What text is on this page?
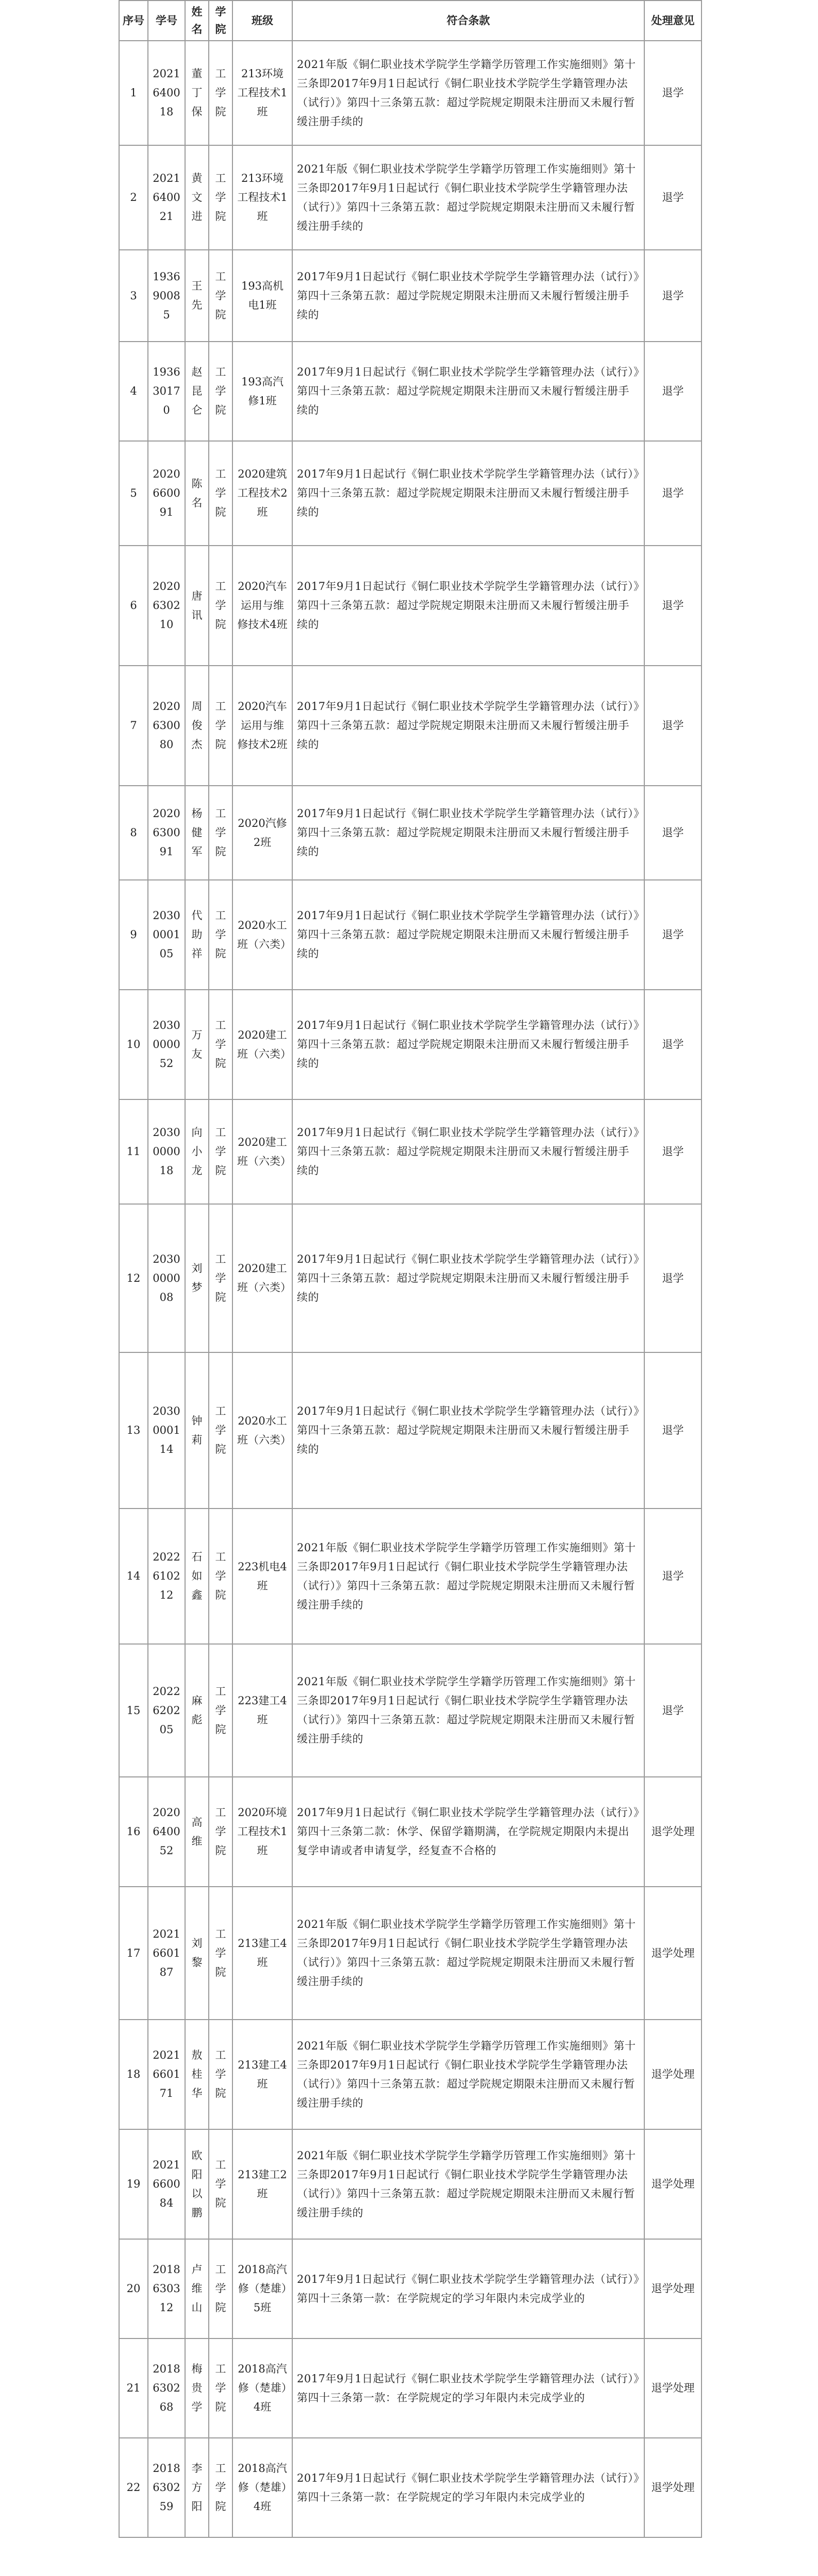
序号	学号	姓名	学院	班级	符合条款	处理意见
1	2021640018	董丁保	工学院	213环境工程技术1班	2021年版《铜仁职业技术学院学生学籍学历管理工作实施细则》第十三条即2017年9月1日起试行《铜仁职业技术学院学生学籍管理办法（试行）》第四十三条第五款：超过学院规定期限未注册而又未履行暂缓注册手续的	退学
2	2021640021	黄文进	工学院	213环境工程技术1班	2021年版《铜仁职业技术学院学生学籍学历管理工作实施细则》第十三条即2017年9月1日起试行《铜仁职业技术学院学生学籍管理办法（试行）》第四十三条第五款：超过学院规定期限未注册而又未履行暂缓注册手续的	退学
3	193690085	王先	工学院	193高机电1班	2017年9月1日起试行《铜仁职业技术学院学生学籍管理办法（试行）》第四十三条第五款：超过学院规定期限未注册而又未履行暂缓注册手续的	退学
4	193630170	赵昆仑	工学院	193高汽修1班	2017年9月1日起试行《铜仁职业技术学院学生学籍管理办法（试行）》第四十三条第五款：超过学院规定期限未注册而又未履行暂缓注册手续的	退学
5	2020660091	陈名	工学院	2020建筑工程技术2班	2017年9月1日起试行《铜仁职业技术学院学生学籍管理办法（试行）》第四十三条第五款：超过学院规定期限未注册而又未履行暂缓注册手续的	退学
6	2020630210	唐讯	工学院	2020汽车运用与维修技术4班	2017年9月1日起试行《铜仁职业技术学院学生学籍管理办法（试行）》第四十三条第五款：超过学院规定期限未注册而又未履行暂缓注册手续的	退学
7	2020630080	周俊杰	工学院	2020汽车运用与维修技术2班	2017年9月1日起试行《铜仁职业技术学院学生学籍管理办法（试行）》第四十三条第五款：超过学院规定期限未注册而又未履行暂缓注册手续的	退学
8	2020630091	杨健军	工学院	2020汽修2班	2017年9月1日起试行《铜仁职业技术学院学生学籍管理办法（试行）》第四十三条第五款：超过学院规定期限未注册而又未履行暂缓注册手续的	退学
9	2030000105	代助祥	工学院	2020水工班（六类）	2017年9月1日起试行《铜仁职业技术学院学生学籍管理办法（试行）》第四十三条第五款：超过学院规定期限未注册而又未履行暂缓注册手续的	退学
10	2030000052	万友	工学院	2020建工班（六类）	2017年9月1日起试行《铜仁职业技术学院学生学籍管理办法（试行）》第四十三条第五款：超过学院规定期限未注册而又未履行暂缓注册手续的	退学
11	2030000018	向小龙	工学院	2020建工班（六类）	2017年9月1日起试行《铜仁职业技术学院学生学籍管理办法（试行）》第四十三条第五款：超过学院规定期限未注册而又未履行暂缓注册手续的	退学
12	2030000008	刘梦	工学院	2020建工班（六类）	2017年9月1日起试行《铜仁职业技术学院学生学籍管理办法（试行）》第四十三条第五款：超过学院规定期限未注册而又未履行暂缓注册手续的	退学
13	2030000114	钟莉	工学院	2020水工班（六类）	2017年9月1日起试行《铜仁职业技术学院学生学籍管理办法（试行）》第四十三条第五款：超过学院规定期限未注册而又未履行暂缓注册手续的	退学
14	2022610212	石如鑫	工学院	223机电4班	2021年版《铜仁职业技术学院学生学籍学历管理工作实施细则》第十三条即2017年9月1日起试行《铜仁职业技术学院学生学籍管理办法（试行）》第四十三条第五款：超过学院规定期限未注册而又未履行暂缓注册手续的	退学
15	2022620205	麻彪	工学院	223建工4班	2021年版《铜仁职业技术学院学生学籍学历管理工作实施细则》第十三条即2017年9月1日起试行《铜仁职业技术学院学生学籍管理办法（试行）》第四十三条第五款：超过学院规定期限未注册而又未履行暂缓注册手续的	退学
16	2020640052	高维	工学院	2020环境工程技术1班	2017年9月1日起试行《铜仁职业技术学院学生学籍管理办法（试行）》第四十三条第二款：休学、保留学籍期满，在学院规定期限内未提出复学申请或者申请复学，经复查不合格的	退学处理
17	2021660187	刘黎	工学院	213建工4班	2021年版《铜仁职业技术学院学生学籍学历管理工作实施细则》第十三条即2017年9月1日起试行《铜仁职业技术学院学生学籍管理办法（试行）》第四十三条第五款：超过学院规定期限未注册而又未履行暂缓注册手续的	退学处理
18	2021660171	敖桂华	工学院	213建工4班	2021年版《铜仁职业技术学院学生学籍学历管理工作实施细则》第十三条即2017年9月1日起试行《铜仁职业技术学院学生学籍管理办法（试行）》第四十三条第五款：超过学院规定期限未注册而又未履行暂缓注册手续的	退学处理
19	2021660084	欧阳以鹏	工学院	213建工2班	2021年版《铜仁职业技术学院学生学籍学历管理工作实施细则》第十三条即2017年9月1日起试行《铜仁职业技术学院学生学籍管理办法（试行）》第四十三条第五款：超过学院规定期限未注册而又未履行暂缓注册手续的	退学处理
20	2018630312	卢维山	工学院	2018高汽修（楚雄）5班	2017年9月1日起试行《铜仁职业技术学院学生学籍管理办法（试行）》第四十三条第一款：在学院规定的学习年限内未完成学业的	退学处理
21	2018630268	梅贵学	工学院	2018高汽修（楚雄）4班	2017年9月1日起试行《铜仁职业技术学院学生学籍管理办法（试行）》第四十三条第一款：在学院规定的学习年限内未完成学业的	退学处理
22	2018630259	李方阳	工学院	2018高汽修（楚雄）4班	2017年9月1日起试行《铜仁职业技术学院学生学籍管理办法（试行）》第四十三条第一款：在学院规定的学习年限内未完成学业的	退学处理
